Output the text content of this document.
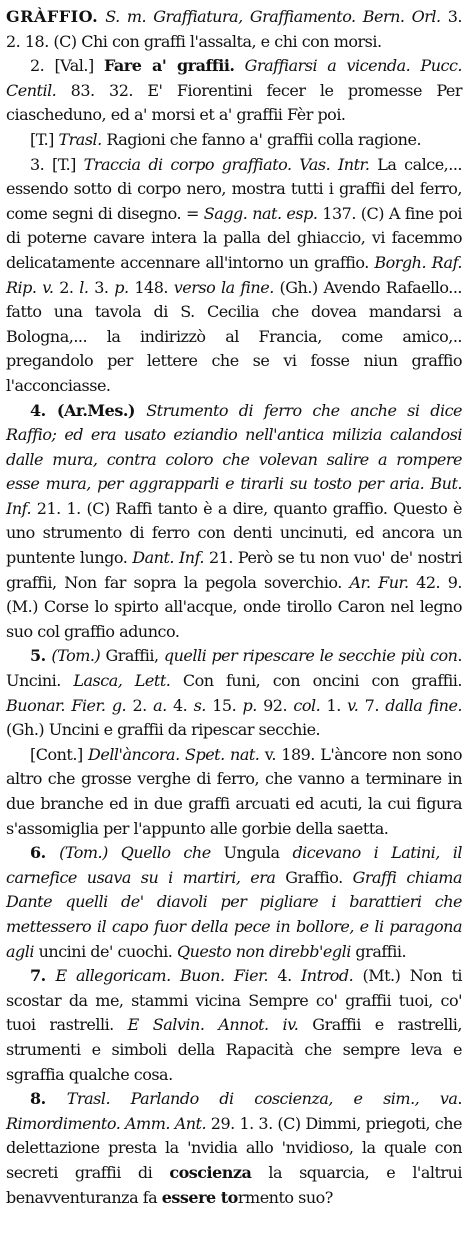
GRÀFFIO. S. m. Graffiatura, Graffiamento. Bern. Orl. 3. 2. 18. (C) Chi con graffi l'assalta, e chi con morsi.

2. [Val.] Fare a' graffii. Graffiarsi a vicenda. Pucc. Centil. 83. 32. E' Fiorentini fecer le promesse Per ciascheduno, ed a' morsi et a' graffii Fèr poi.

[T.] Trasl. Ragioni che fanno a' graffii colla ragione.

3. [T.] Traccia di corpo graffiato. Vas. Intr. La calce,... essendo sotto di corpo nero, mostra tutti i graffii del ferro, come segni di disegno. = Sagg. nat. esp. 137. (C) A fine poi di poterne cavare intera la palla del ghiaccio, vi facemmo delicatamente accennare all'intorno un graffio. Borgh. Raf. Rip. v. 2. l. 3. p. 148. verso la fine. (Gh.) Avendo Rafaello... fatto una tavola di S. Cecilia che dovea mandarsi a Bologna,... la indirizzò al Francia, come amico,.. pregandolo per lettere che se vi fosse niun graffio l'acconciasse.

4. (Ar.Mes.) Strumento di ferro che anche si dice Raffio; ed era usato eziandio nell'antica milizia calandosi dalle mura, contra coloro che volevan salire a rompere esse mura, per aggrapparli e tirarli su tosto per aria. But. Inf. 21. 1. (C) Raffi tanto è a dire, quanto graffio. Questo è uno strumento di ferro con denti uncinuti, ed ancora un puntente lungo. Dant. Inf. 21. Però se tu non vuo' de' nostri graffii, Non far sopra la pegola soverchio. Ar. Fur. 42. 9. (M.) Corse lo spirto all'acque, onde tirollo Caron nel legno suo col graffio adunco.

5. (Tom.) Graffii, quelli per ripescare le secchie più con. Uncini. Lasca, Lett. Con funi, con oncini con graffii. Buonar. Fier. g. 2. a. 4. s. 15. p. 92. col. 1. v. 7. dalla fine. (Gh.) Uncini e graffii da ripescar secchie.

[Cont.] Dell'àncora. Spet. nat. v. 189. L'àncore non sono altro che grosse verghe di ferro, che vanno a terminare in due branche ed in due graffi arcuati ed acuti, la cui figura s'assomiglia per l'appunto alle gorbie della saetta.

6. (Tom.) Quello che Ungula dicevano i Latini, il carnefice usava su i martiri, era Graffio. Graffi chiama Dante quelli de' diavoli per pigliare i barattieri che mettessero il capo fuor della pece in bollore, e li paragona agli uncini de' cuochi. Questo non direbb'egli graffii.

7. E allegoricam. Buon. Fier. 4. Introd. (Mt.) Non ti scostar da me, stammi vicina Sempre co' graffii tuoi, co' tuoi rastrelli. E Salvin. Annot. iv. Graffii e rastrelli, strumenti e simboli della Rapacità che sempre leva e sgraffia qualche cosa.

8. Trasl. Parlando di coscienza, e sim., va. Rimordimento. Amm. Ant. 29. 1. 3. (C) Dimmi, priegoti, che delettazione presta la 'nvidia allo 'nvidioso, la quale con secreti graffii di coscienza la squarcia, e l'altrui benavventuranza fa essere tormento suo?
